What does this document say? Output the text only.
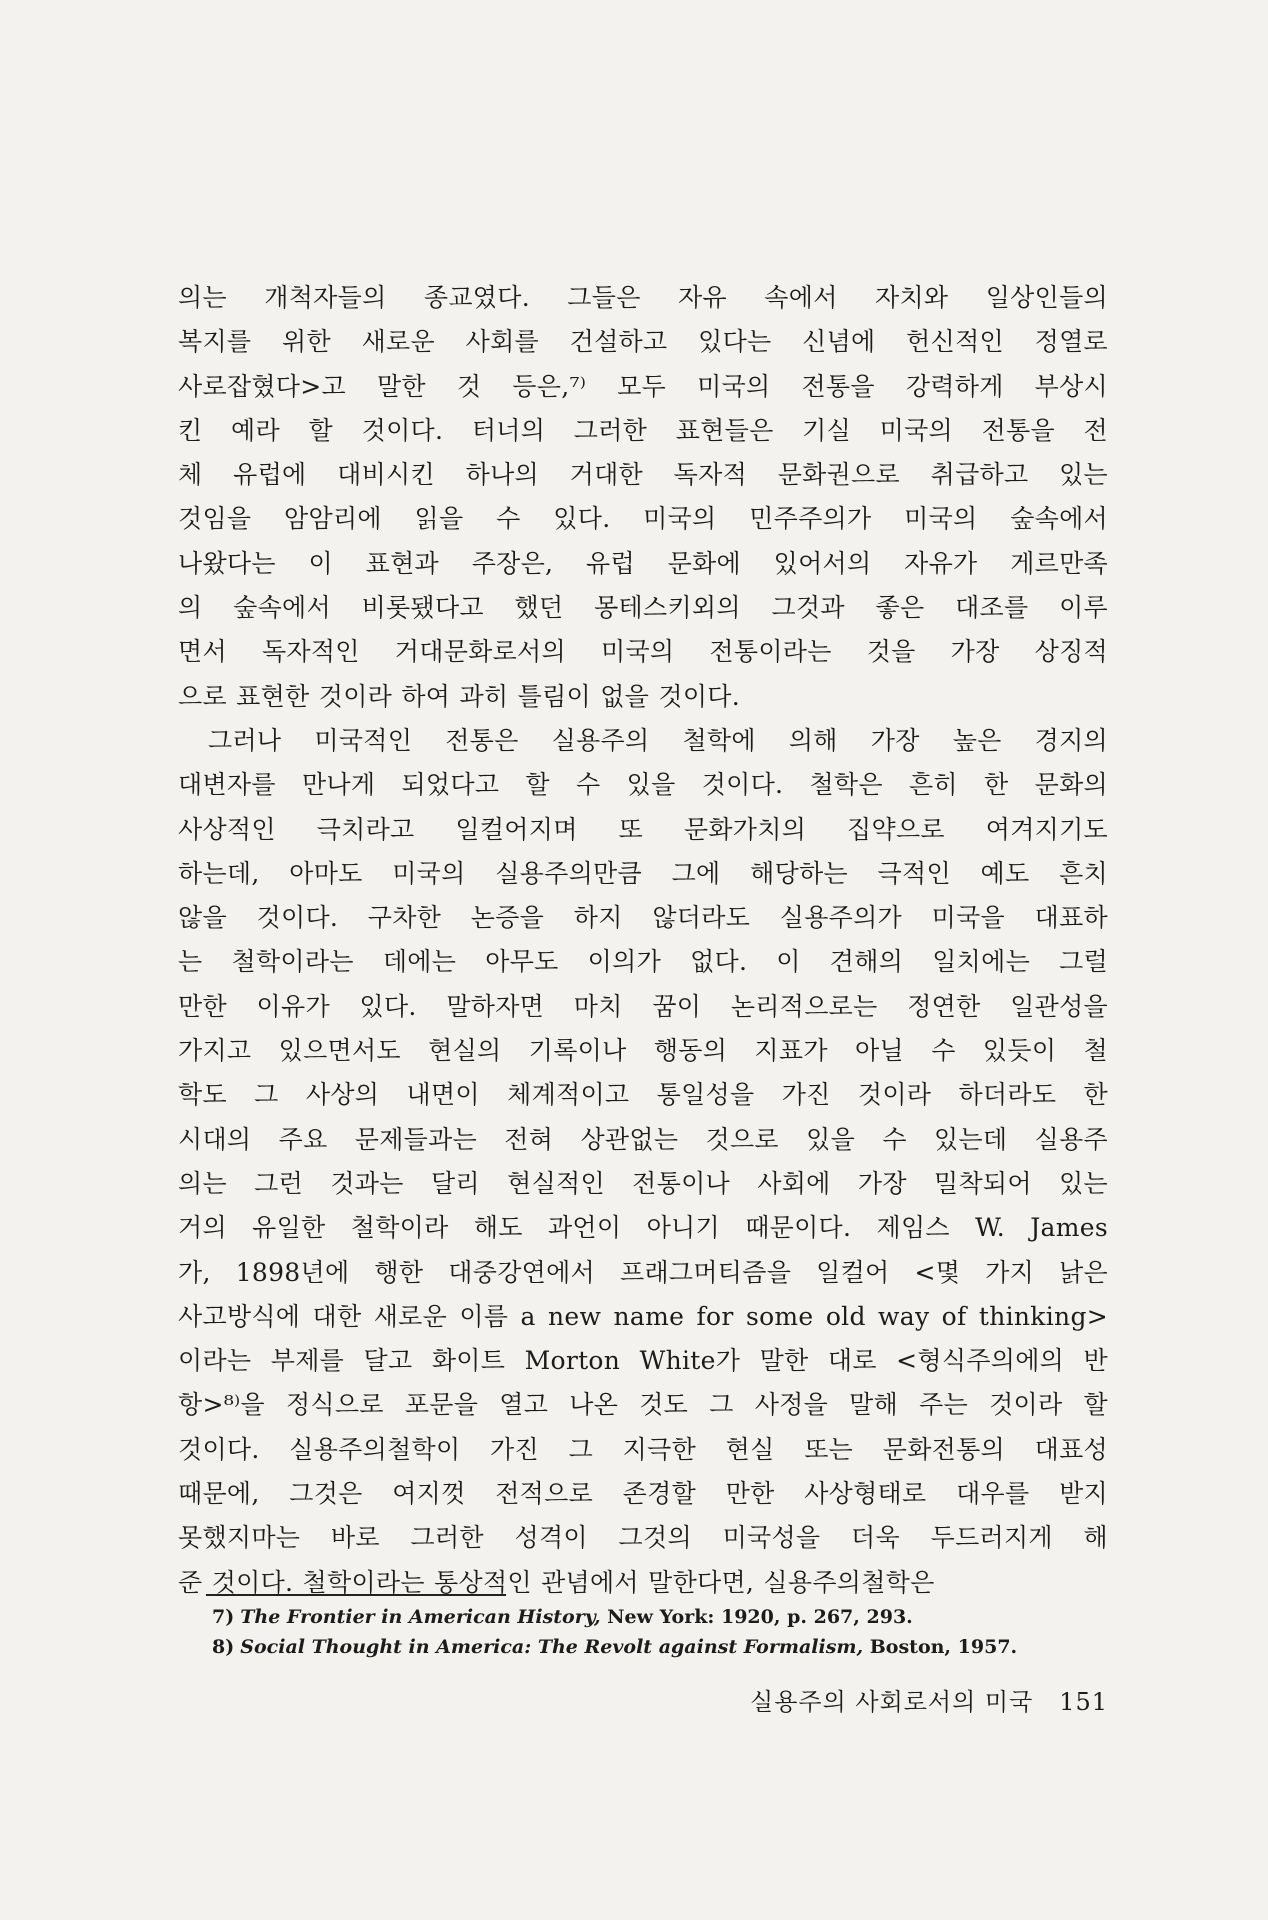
의는 개척자들의 종교였다. 그들은 자유 속에서 자치와 일상인들의
복지를 위한 새로운 사회를 건설하고 있다는 신념에 헌신적인 정열로
사로잡혔다>고 말한 것 등은,⁷⁾ 모두 미국의 전통을 강력하게 부상시
킨 예라 할 것이다. 터너의 그러한 표현들은 기실 미국의 전통을 전
체 유럽에 대비시킨 하나의 거대한 독자적 문화권으로 취급하고 있는
것임을 암암리에 읽을 수 있다. 미국의 민주주의가 미국의 숲속에서
나왔다는 이 표현과 주장은, 유럽 문화에 있어서의 자유가 게르만족
의 숲속에서 비롯됐다고 했던 몽테스키외의 그것과 좋은 대조를 이루
면서 독자적인 거대문화로서의 미국의 전통이라는 것을 가장 상징적
으로 표현한 것이라 하여 과히 틀림이 없을 것이다.
그러나 미국적인 전통은 실용주의 철학에 의해 가장 높은 경지의
대변자를 만나게 되었다고 할 수 있을 것이다. 철학은 흔히 한 문화의
사상적인 극치라고 일컬어지며 또 문화가치의 집약으로 여겨지기도
하는데, 아마도 미국의 실용주의만큼 그에 해당하는 극적인 예도 흔치
않을 것이다. 구차한 논증을 하지 않더라도 실용주의가 미국을 대표하
는 철학이라는 데에는 아무도 이의가 없다. 이 견해의 일치에는 그럴
만한 이유가 있다. 말하자면 마치 꿈이 논리적으로는 정연한 일관성을
가지고 있으면서도 현실의 기록이나 행동의 지표가 아닐 수 있듯이 철
학도 그 사상의 내면이 체계적이고 통일성을 가진 것이라 하더라도 한
시대의 주요 문제들과는 전혀 상관없는 것으로 있을 수 있는데 실용주
의는 그런 것과는 달리 현실적인 전통이나 사회에 가장 밀착되어 있는
거의 유일한 철학이라 해도 과언이 아니기 때문이다. 제임스 W. James
가, 1898년에 행한 대중강연에서 프래그머티즘을 일컬어 <몇 가지 낡은
사고방식에 대한 새로운 이름 a new name for some old way of thinking>
이라는 부제를 달고 화이트 Morton White가 말한 대로 <형식주의에의 반
항>⁸⁾을 정식으로 포문을 열고 나온 것도 그 사정을 말해 주는 것이라 할
것이다. 실용주의철학이 가진 그 지극한 현실 또는 문화전통의 대표성
때문에, 그것은 여지껏 전적으로 존경할 만한 사상형태로 대우를 받지
못했지마는 바로 그러한 성격이 그것의 미국성을 더욱 두드러지게 해
준 것이다. 철학이라는 통상적인 관념에서 말한다면, 실용주의철학은
7) The Frontier in American History, New York: 1920, p. 267, 293.
8) Social Thought in America: The Revolt against Formalism, Boston, 1957.
실용주의 사회로서의 미국 151
